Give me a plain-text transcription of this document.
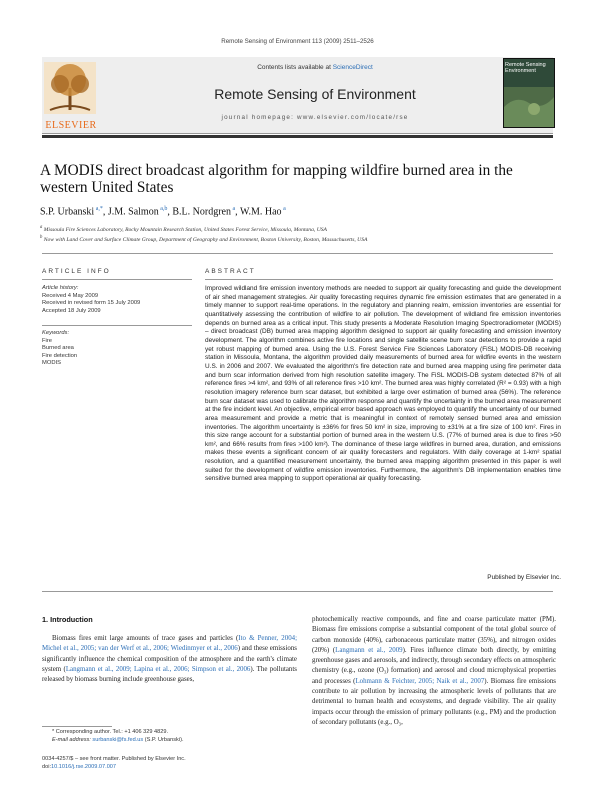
Remote Sensing of Environment 113 (2009) 2511–2526
ELSEVIER
Contents lists available at ScienceDirect
Remote Sensing of Environment
journal homepage: www.elsevier.com/locate/rse
Remote Sensing Environment
A MODIS direct broadcast algorithm for mapping wildfire burned area in the western United States
S.P. Urbanski $^{a,*}$, J.M. Salmon $^{a,b}$, B.L. Nordgren $^a$, W.M. Hao $^a$
$^a$ Missoula Fire Sciences Laboratory, Rocky Mountain Research Station, United States Forest Service, Missoula, Montana, USA
$^b$ Now with Land Cover and Surface Climate Group, Department of Geography and Environment, Boston University, Boston, Massachusetts, USA
ARTICLE INFO	ABSTRACT
Article history:
Received 4 May 2009
Received in revised form 15 July 2009
Accepted 18 July 2009
Keywords:
Fire
Burned area
Fire detection
MODIS
Improved wildland fire emission inventory methods are needed to support air quality forecasting and guide the development of air shed management strategies. Air quality forecasting requires dynamic fire emission estimates that are generated in a timely manner to support real-time operations. In the regulatory and planning realm, emission inventories are essential for quantitatively assessing the contribution of wildfire to air pollution. The development of wildland fire emission inventories depends on burned area as a critical input. This study presents a Moderate Resolution Imaging Spectroradiometer (MODIS) – direct broadcast (DB) burned area mapping algorithm designed to support air quality forecasting and emission inventory development. The algorithm combines active fire locations and single satellite scene burn scar detections to provide a rapid yet robust mapping of burned area. Using the U.S. Forest Service Fire Sciences Laboratory (FiSL) MODIS-DB receiving station in Missoula, Montana, the algorithm provided daily measurements of burned area for wildfire events in the western U.S. in 2006 and 2007. We evaluated the algorithm's fire detection rate and burned area mapping using fire perimeter data and burn scar information derived from high resolution satellite imagery. The FiSL MODIS-DB system detected 87% of all reference fires >4 km², and 93% of all reference fires >10 km². The burned area was highly correlated (R² = 0.93) with a high resolution imagery reference burn scar dataset, but exhibited a large over estimation of burned area (56%). The reference burn scar dataset was used to calibrate the algorithm response and quantify the uncertainty in the burned area measurement at the fire incident level. An objective, empirical error based approach was employed to quantify the uncertainty of our burned area measurement and provide a metric that is meaningful in context of remotely sensed burned area and emission inventories. The algorithm uncertainty is ±36% for fires 50 km² in size, improving to ±31% at a fire size of 100 km². Fires in this size range account for a substantial portion of burned area in the western U.S. (77% of burned area is due to fires >50 km², and 66% results from fires >100 km²). The dominance of these large wildfires in burned area, duration, and emissions makes these events a significant concern of air quality forecasters and regulators. With daily coverage at 1-km² spatial resolution, and a quantified measurement uncertainty, the burned area mapping algorithm presented in this paper is well suited for the development of wildfire emission inventories. Furthermore, the algorithm's DB implementation enables time sensitive burned area mapping to support operational air quality forecasting.
Published by Elsevier Inc.
1. Introduction
Biomass fires emit large amounts of trace gases and particles (Ito & Penner, 2004; Michel et al., 2005; van der Werf et al., 2006; Wiedinmyer et al., 2006) and these emissions significantly influence the chemical composition of the atmosphere and the earth's climate system (Langmann et al., 2009; Lapina et al., 2006; Simpson et al., 2006). The pollutants released by biomass burning include greenhouse gases,
photochemically reactive compounds, and fine and coarse particulate matter (PM). Biomass fire emissions comprise a substantial component of the total global source of carbon monoxide (40%), carbonaceous particulate matter (35%), and nitrogen oxides (20%) (Langmann et al., 2009). Fires influence climate both directly, by emitting greenhouse gases and aerosols, and indirectly, through secondary effects on atmospheric chemistry (e.g., ozone (O₃) formation) and aerosol and cloud microphysical properties and processes (Lohmann & Feichter, 2005; Naik et al., 2007). Biomass fire emissions contribute to air pollution by increasing the atmospheric levels of pollutants that are detrimental to human health and ecosystems, and degrade visibility. The air quality impacts occur through the emission of primary pollutants (e.g., PM) and the production of secondary pollutants (e.g., O₃,
* Corresponding author. Tel.: +1 406 329 4829.
E-mail address: surbanski@fs.fed.us (S.P. Urbanski).
0034-4257/$ – see front matter. Published by Elsevier Inc.
doi:10.1016/j.rse.2009.07.007
